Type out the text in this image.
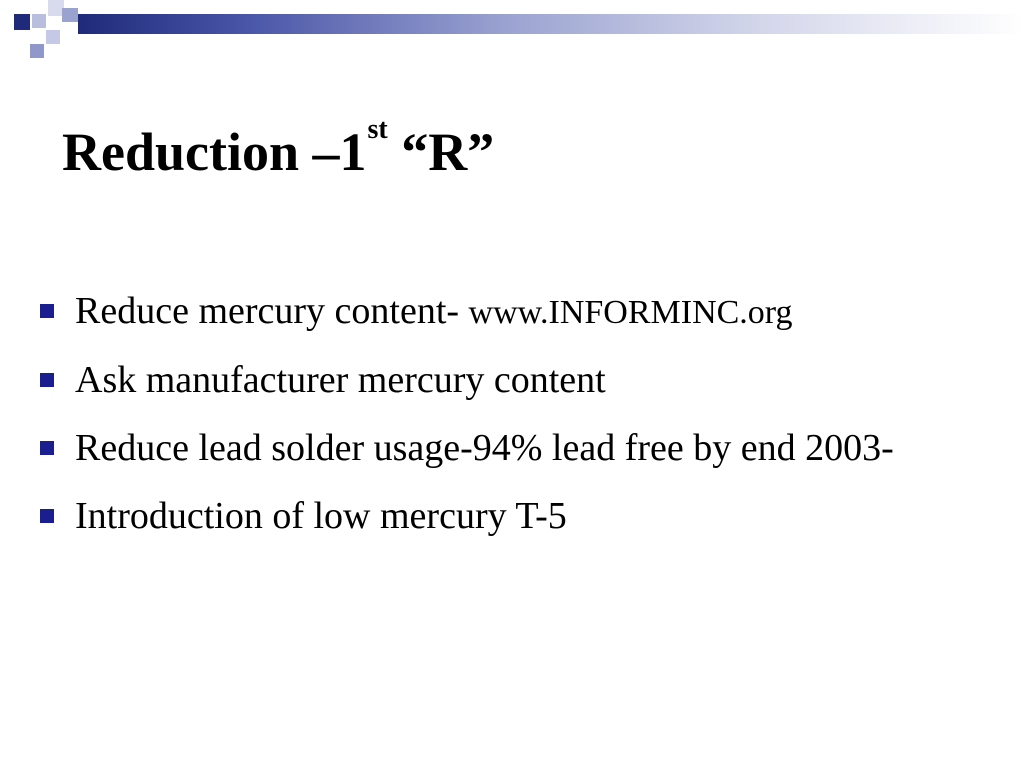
Reduction –1st “R”
Reduce mercury content- www.INFORMINC.org
Ask manufacturer mercury content
Reduce lead solder usage-94% lead free by end 2003-
Introduction of low mercury T-5
